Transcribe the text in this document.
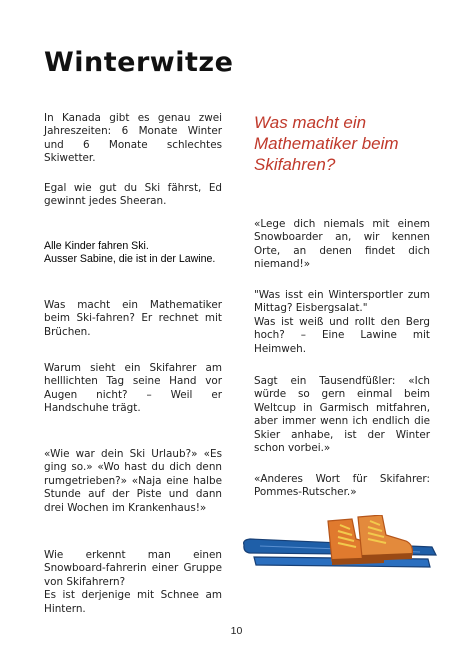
Winterwitze

In Kanada gibt es genau zwei Jahreszeiten: 6 Monate Winter und 6 Monate schlechtes Skiwetter.

Egal wie gut du Ski fährst, Ed gewinnt jedes Sheeran.

Alle Kinder fahren Ski.
Ausser Sabine, die ist in der Lawine.

Was macht ein Mathematiker beim Ski-fahren? Er rechnet mit Brüchen.

Warum sieht ein Skifahrer am helllichten Tag seine Hand vor Augen nicht? – Weil er Handschuhe trägt.

«Wie war dein Ski Urlaub?» «Es ging so.» «Wo hast du dich denn rumgetrieben?» «Naja eine halbe Stunde auf der Piste und dann drei Wochen im Krankenhaus!»

Wie erkennt man einen Snowboard-fahrerin einer Gruppe von Skifahrern?
Es ist derjenige mit Schnee am Hintern.

Was macht ein Mathematiker beim Skifahren?

«Lege dich niemals mit einem Snowboarder an, wir kennen Orte, an denen findet dich niemand!»

"Was isst ein Wintersportler zum Mittag? Eisbergsalat."
Was ist weiß und rollt den Berg hoch? – Eine Lawine mit Heimweh.

Sagt ein Tausendfüßler: «Ich würde so gern einmal beim Weltcup in Garmisch mitfahren, aber immer wenn ich endlich die Skier anhabe, ist der Winter schon vorbei.»

«Anderes Wort für Skifahrer: Pommes-Rutscher.»

10
